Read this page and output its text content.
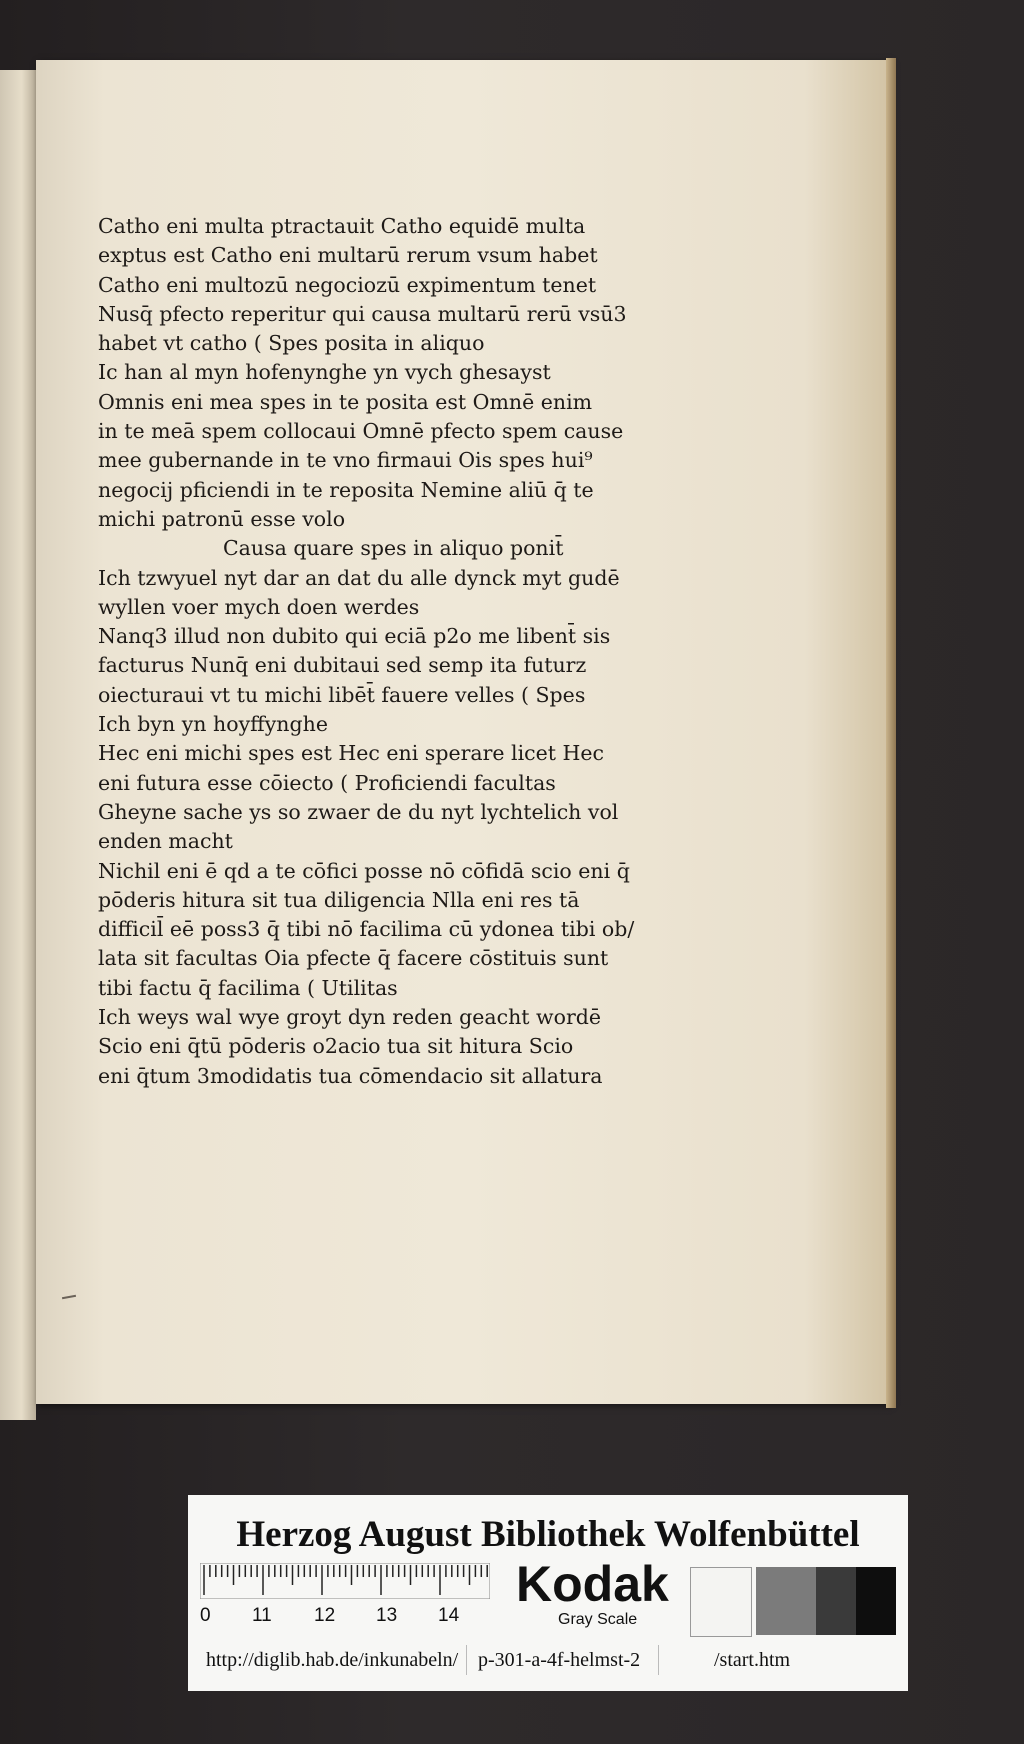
Catho eni multa ptractauit Catho equidē multa
exptus est Catho eni multarū rerum vsum habet
Catho eni multozū negociozū expimentum tenet
Nusq̄ pfecto reperitur qui causa multarū rerū vsū3
habet vt catho ( Spes posita in aliquo
Ic han al myn hofenynghe yn vych ghesayst
Omnis eni mea spes in te posita est Omnē enim
in te meā spem collocaui Omnē pfecto spem cause
mee gubernande in te vno firmaui Ois spes hui⁹
negocij pficiendi in te reposita Nemine aliū q̄ te
michi patronū esse volo
Causa quare spes in aliquo ponit̄
Ich tzwyuel nyt dar an dat du alle dynck myt gudē
wyllen voer mych doen werdes
Nanq3 illud non dubito qui eciā p2o me libent̄ sis
facturus Nunq̄ eni dubitaui sed semp ita futurz
oiecturaui vt tu michi libēt̄ fauere velles ( Spes
Ich byn yn hoyffynghe
Hec eni michi spes est Hec eni sperare licet Hec
eni futura esse cōiecto ( Proficiendi facultas
Gheyne sache ys so zwaer de du nyt lychtelich vol
enden macht
Nichil eni ē qd a te cōfici posse nō cōfidā scio eni q̄
pōderis hitura sit tua diligencia Nlla eni res tā
difficil̄ eē poss3 q̄ tibi nō facilima cū ydonea tibi ob/
lata sit facultas Oia pfecte q̄ facere cōstituis sunt
tibi factu q̄ facilima ( Utilitas
Ich weys wal wye groyt dyn reden geacht wordē
Scio eni q̄tū pōderis o2acio tua sit hitura Scio
eni q̄tum 3modidatis tua cōmendacio sit allatura
Herzog August Bibliothek Wolfenbüttel
0 11 12 13 14
Kodak
Gray Scale
http://diglib.hab.de/inkunabeln/ p-301-a-4f-helmst-2	/start.htm
